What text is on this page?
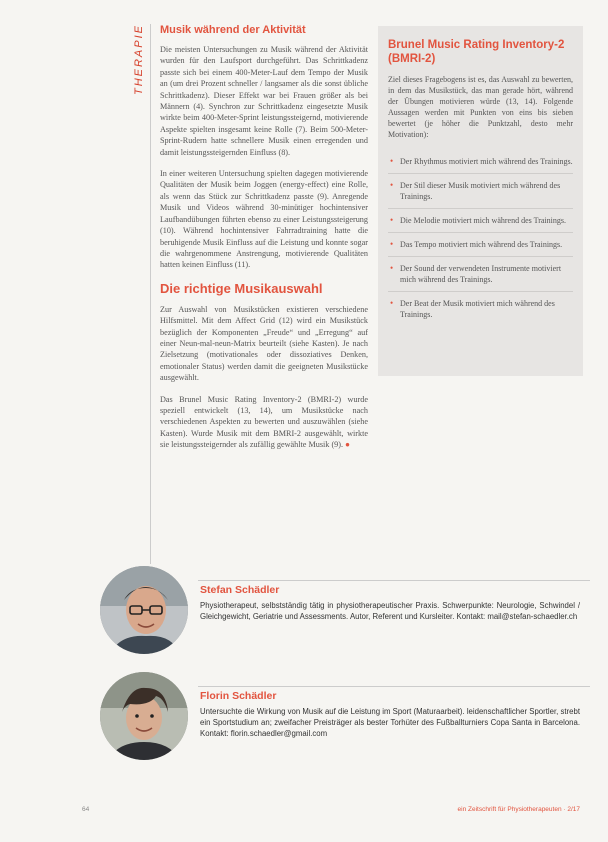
THERAPIE Musik während der Aktivität

Die meisten Untersuchungen zu Musik während der Aktivität wurden für den Laufsport durchgeführt. Das Schrittkadenz passte sich bei einem 400-Meter-Lauf dem Tempo der Musik an (um drei Prozent schneller / langsamer als die sonst übliche Schrittkadenz). Dieser Effekt war bei Frauen größer als bei Männern (4). Synchron zur Schrittkadenz eingesetzte Musik wirkte beim 400-Meter-Sprint leistungssteigernd, motivierende Aspekte spielten insgesamt keine Rolle (7). Beim 500-Meter-Sprint-Rudern hatte schnellere Musik einen erregenden und damit leistungssteigernden Einfluss (8).

In einer weiteren Untersuchung spielten dagegen motivierende Qualitäten der Musik beim Joggen (energy-effect) eine Rolle, als wenn das Stück zur Schrittkadenz passte (9). Anregende Musik und Videos während 30-minütiger hochintensiver Laufbandübungen führten ebenso zu einer Leistungssteigerung (10). Während hochintensiver Fahrradtraining hatte die beruhigende Musik Einfluss auf die Leistung und konnte sogar die wahrgenommene Anstrengung, motivierende Qualitäten hatten keinen Einfluss (11).

Die richtige Musikauswahl

Zur Auswahl von Musikstücken existieren verschiedene Hilfsmittel. Mit dem Affect Grid (12) wird ein Musikstück bezüglich der Komponenten „Freude“ und „Erregung“ auf einer Neun-mal-neun-Matrix beurteilt (siehe Kasten). Je nach Zielsetzung (motivationales oder dissoziatives Denken, emotionaler Status) werden damit die geeigneten Musikstücke ausgewählt.

Das Brunel Music Rating Inventory-2 (BMRI-2) wurde speziell entwickelt (13, 14), um Musikstücke nach verschiedenen Aspekten zu bewerten und auszuwählen (siehe Kasten). Wurde Musik mit dem BMRI-2 ausgewählt, wirkte sie leistungssteigernder als zufällig gewählte Musik (9). ●

Brunel Music Rating Inventory-2 (BMRI-2)

Ziel dieses Fragebogens ist es, das Auswahl zu bewerten, in dem das Musikstück, das man gerade hört, während der Übungen motivieren würde (13, 14). Folgende Aussagen werden mit Punkten von eins bis sieben bewertet (je höher die Punktzahl, desto mehr Motivation):

• Der Rhythmus motiviert mich während des Trainings.
• Der Stil dieser Musik motiviert mich während des Trainings.
• Die Melodie motiviert mich während des Trainings.
• Das Tempo motiviert mich während des Trainings.
• Der Sound der verwendeten Instrumente motiviert mich während des Trainings.
• Der Beat der Musik motiviert mich während des Trainings.
Stefan Schädler
Physiotherapeut, selbstständig tätig in physiotherapeutischer Praxis. Schwerpunkte: Neurologie, Schwindel / Gleichgewicht, Geriatrie und Assessments. Autor, Referent und Kursleiter. Kontakt: mail@stefan-schaedler.ch
Florin Schädler
Untersuchte die Wirkung von Musik auf die Leistung im Sport (Maturaarbeit). leidenschaftlicher Sportler, strebt ein Sportstudium an; zweifacher Preisträger als bester Torhüter des Fußballturniers Copa Santa in Barcelona. Kontakt: florin.schaedler@gmail.com
64	ein Zeitschrift für Physiotherapeuten · 2/17
